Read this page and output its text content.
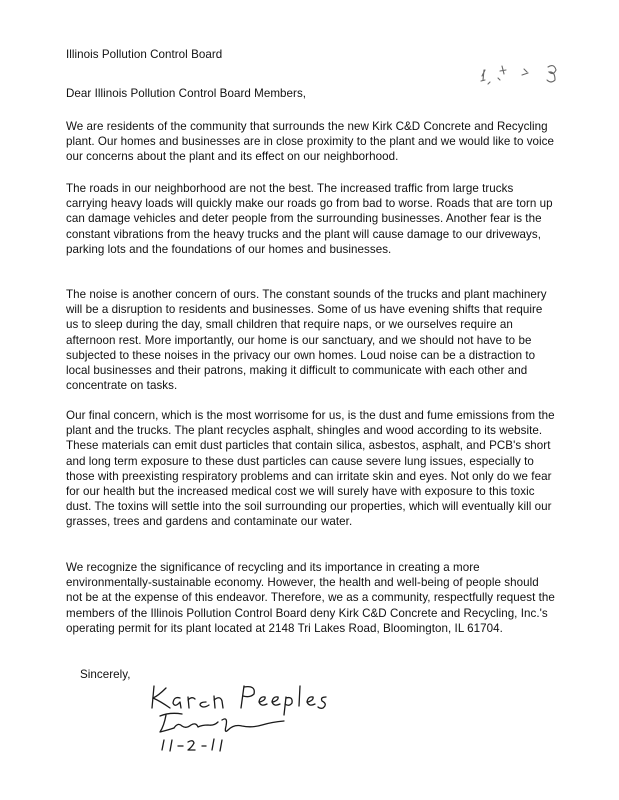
Illinois Pollution Control Board

Dear Illinois Pollution Control Board Members,

We are residents of the community that surrounds the new Kirk C&D Concrete and Recycling plant. Our homes and businesses are in close proximity to the plant and we would like to voice our concerns about the plant and its effect on our neighborhood.

The roads in our neighborhood are not the best. The increased traffic from large trucks carrying heavy loads will quickly make our roads go from bad to worse. Roads that are torn up can damage vehicles and deter people from the surrounding businesses. Another fear is the constant vibrations from the heavy trucks and the plant will cause damage to our driveways, parking lots and the foundations of our homes and businesses.

The noise is another concern of ours. The constant sounds of the trucks and plant machinery will be a disruption to residents and businesses. Some of us have evening shifts that require us to sleep during the day, small children that require naps, or we ourselves require an afternoon rest. More importantly, our home is our sanctuary, and we should not have to be subjected to these noises in the privacy our own homes. Loud noise can be a distraction to local businesses and their patrons, making it difficult to communicate with each other and concentrate on tasks.

Our final concern, which is the most worrisome for us, is the dust and fume emissions from the plant and the trucks. The plant recycles asphalt, shingles and wood according to its website. These materials can emit dust particles that contain silica, asbestos, asphalt, and PCB's short and long term exposure to these dust particles can cause severe lung issues, especially to those with preexisting respiratory problems and can irritate skin and eyes. Not only do we fear for our health but the increased medical cost we will surely have with exposure to this toxic dust. The toxins will settle into the soil surrounding our properties, which will eventually kill our grasses, trees and gardens and contaminate our water.

We recognize the significance of recycling and its importance in creating a more environmentally-sustainable economy. However, the health and well-being of people should not be at the expense of this endeavor. Therefore, we as a community, respectfully request the members of the Illinois Pollution Control Board deny Kirk C&D Concrete and Recycling, Inc.'s operating permit for its plant located at 2148 Tri Lakes Road, Bloomington, IL 61704.

Sincerely,
